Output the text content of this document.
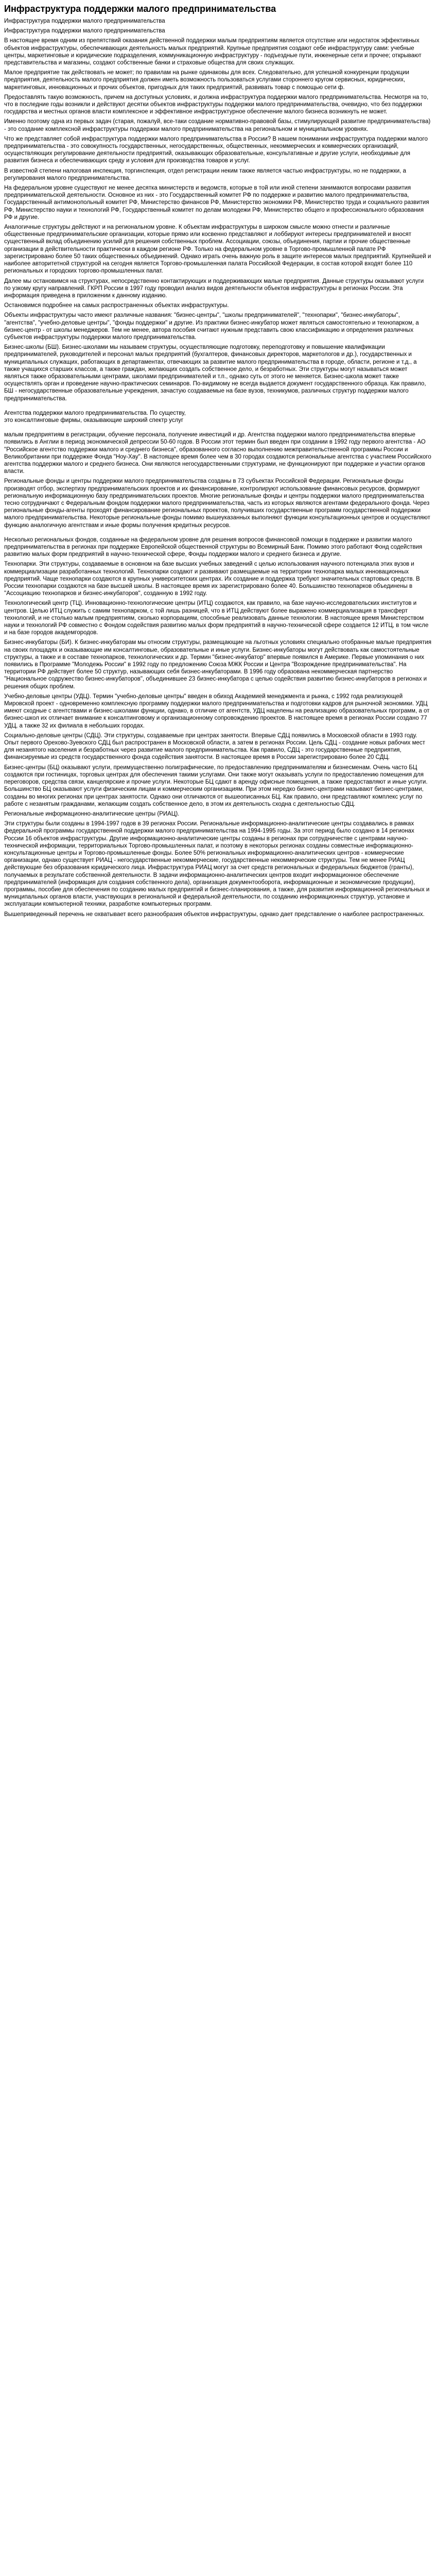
Инфраструктура поддержки малого предпринимательства
Инфраструктура поддержки малого предпринимательства
Инфраструктура поддержки малого предпринимательства
В настоящее время одним из препятствий оказания действенной поддержки малым предприятиям является отсутствие или недостаток эффективных объектов инфраструктуры, обеспечивающих деятельность малых предприятий. Крупные предприятия создают себе инфраструктуру сами: учебные центры, маркетинговые и юридические подразделения, коммуникационную инфраструктуру - подъездные пути, инженерные сети и прочее; открывают представительства и магазины, создают собственные банки и страховые общества для своих служащих.
Малое предприятие так действовать не может; по правилам на рынке одинаковы для всех. Следовательно, для успешной конкуренции продукции предприятия, деятельность малого предприятия должен иметь возможность пользоваться услугами стороннего кругом сервисных, юридических, маркетинговых, инновационных и прочих объектов, пригодных для таких предприятий, развивать товар с помощью сети ф.
Предоставлять такую возможность, причем на доступных условиях, и должна инфраструктура поддержки малого предпринимательства. Несмотря на то, что в последние годы возникли и действуют десятки объектов инфраструктуры поддержки малого предпринимательства, очевидно, что без поддержки государства и местных органов власти комплексное и эффективное инфраструктурное обеспечение малого бизнеса возникнуть не может.
Именно поэтому одна из первых задач (старая, пожалуй, все-таки создание нормативно-правовой базы, стимулирующей развитие предпринимательства) - это создание комплексной инфраструктуры поддержки малого предпринимательства на региональном и муниципальном уровнях.
Что же представляет собой инфраструктура поддержки малого предпринимательства в России? В нашем понимании инфраструктура поддержки малого предпринимательства - это совокупность государственных, негосударственных, общественных, некоммерческих и коммерческих организаций, осуществляющих регулирование деятельности предприятий, оказывающих образовательные, консультативные и другие услуги, необходимые для развития бизнеса и обеспечивающих среду и условия для производства товаров и услуг.
В известной степени налоговая инспекция, торгинспекция, отдел регистрации неким также является частью инфраструктуры, но не поддержки, а регулирования малого предпринимательства.
На федеральном уровне существуют не менее десятка министерств и ведомств, которые в той или иной степени занимаются вопросами развития предпринимательской деятельности. Основное из них - это Государственный комитет РФ по поддержке и развитию малого предпринимательства, Государственный антимонопольный комитет РФ, Министерство финансов РФ, Министерство экономики РФ, Министерство труда и социального развития РФ, Министерство науки и технологий РФ, Государственный комитет по делам молодежи РФ, Министерство общего и профессионального образования РФ и другие.
Аналогичные структуры действуют и на региональном уровне. К объектам инфраструктуры в широком смысле можно отнести и различные общественные предпринимательские организации, которые прямо или косвенно представляют и лоббируют интересы предпринимателей и вносят существенный вклад объединению усилий для решения собственных проблем. Ассоциации, союзы, объединения, партии и прочие общественные организации в действительности практически в каждом регионе РФ. Только на федеральном уровне в Торгово-промышленной палате РФ зарегистрировано более 50 таких общественных объединений. Однако играть очень важную роль в защите интересов малых предприятий. Крупнейшей и наиболее авторитетной структурой на сегодня является Торгово-промышленная палата Российской Федерации, в состав которой входят более 110 региональных и городских торгово-промышленных палат.
Далее мы остановимся на структурах, непосредственно контактирующих и поддерживающих малые предприятия. Данные структуры оказывают услуги по узкому кругу направлений. ГКРП России в 1997 году проводил анализ видов деятельности объектов инфраструктуры в регионах России. Эта информация приведена в приложении к данному изданию.
Остановимся подробнее на самых распространенных объектах инфраструктуры.
Объекты инфраструктуры часто имеют различные названия: "бизнес-центры", "школы предпринимателей", "технопарки", "бизнес-инкубаторы", "агентства", "учебно-деловые центры", "фонды поддержки" и другие. Из практики бизнес-инкубатор может являться самостоятельно и технопарком, а бизнес-центр - от школы менеджеров. Тем не менее, автора пособия считают нужным представить свою классификацию и определения различных субъектов инфраструктуры поддержки малого предпринимательства.
Бизнес-школы (БШ). Бизнес-школами мы называем структуры, осуществляющие подготовку, переподготовку и повышение квалификации предпринимателей, руководителей и персонал малых предприятий (бухгалтеров, финансовых директоров, маркетологов и др.), государственных и муниципальных служащих, работающих в департаментах, отвечающих за развитие малого предпринимательства в городе, области, регионе и т.д., а также учащихся старших классов, а также граждан, желающих создать собственное дело, и безработных. Эти структуры могут называться может являться также образовательными центрами, школами предпринимателей и т.п., однако суть от этого не меняется. Бизнес-школа может также осуществлять орган и проведение научно-практических семинаров. По-видимому не всегда выдается документ государственного образца. Как правило, БШ - негосударственные образовательные учреждения, зачастую создаваемые на базе вузов, техникумов, различных структур поддержки малого предпринимательства.
Агентства поддержки малого предпринимательства. По существу,
это консалтинговые фирмы, оказывающие широкий спектр услуг
малым предприятиям в регистрации, обучение персонала, получение инвестиций и др. Агентства поддержки малого предпринимательства впервые появились в Англии в период экономической депрессии 50-60 годов. В России этот термин был введен при создании в 1992 году первого агентства - АО "Российское агентство поддержки малого и среднего бизнеса", образованного согласно выполнению межправительственной программы России и Великобритании при поддержке Фонда "Ноу-Хау". В настоящее время более чем в 30 городах создаются региональные агентства с участием Российского агентства поддержки малого и среднего бизнеса. Они являются негосударственными структурами, не функционируют при поддержке и участии органов власти.
Региональные фонды и центры поддержки малого предпринимательства созданы в 73 субъектах Российской Федерации. Региональные фонды производят отбор, экспертизу предпринимательских проектов и их финансирование, контролируют использование финансовых ресурсов, формируют региональную информационную базу предпринимательских проектов. Многие региональные фонды и центры поддержки малого предпринимательства тесно сотрудничают с Федеральным фондом поддержки малого предпринимательства, часть из которых являются агентами федерального фонда. Через региональные фонды-агенты проходят финансирование региональных проектов, получивших государственные программ государственной поддержки малого предпринимательства. Некоторые региональные фонды помимо вышеуказанных выполняют функции консультационных центров и осуществляют функцию аналогичную агентствам и иные формы получения кредитных ресурсов.
Несколько региональных фондов, созданные на федеральном уровне для решения вопросов финансовой помощи в поддержке и развитии малого предпринимательства в регионах при поддержке Европейской общественной структуры во Всемирный Банк. Помимо этого работают Фонд содействия развитию малых форм предприятий в научно-технической сфере, Фонды поддержки малого и среднего бизнеса и другие.
Технопарки. Эти структуры, создаваемые в основном на базе высших учебных заведений с целью использования научного потенциала этих вузов и коммерциализации разработанных технологий. Технопарки создают и развивают размещаемые на территории технопарка малых инновационных предприятий. Чаще технопарки создаются в крупных университетских центрах. Их создание и поддержка требуют значительных стартовых средств. В России технопарки создаются на базе высшей школы. В настоящее время их зарегистрировано более 40. Большинство технопарков объединены в "Ассоциацию технопарков и бизнес-инкубаторов", созданную в 1992 году.
Технологический центр (ТЦ). Инновационно-технологические центры (ИТЦ) создаются, как правило, на базе научно-исследовательских институтов и центров. Целью ИТЦ служить с самим технопарком, с той лишь разницей, что в ИТЦ действуют более выражено коммерциализация в трансферт технологий, и не столько малым предприятиям, сколько корпорациям, способные реализовать данные технологии. В настоящее время Министерством науки и технологий РФ совместно с Фондом содействия развитию малых форм предприятий в научно-технической сфере создается 12 ИТЦ, в том числе и на базе городов академгородов.
Бизнес-инкубаторы (БИ). К бизнес-инкубаторам мы относим структуры, размещающие на льготных условиях специально отобранные малые предприятия на своих площадях и оказывающие им консалтинговые, образовательные и иные услуги. Бизнес-инкубаторы могут действовать как самостоятельные структуры, а также и в составе технопарков, технологических и др. Термин "бизнес-инкубатор" впервые появился в Америке. Первые упоминания о них появились в Программе "Молодежь России" в 1992 году по предложению Союза МЖК России и Центра "Возрождение предпринимательства". На территории РФ действует более 50 структур, называющих себя бизнес-инкубаторами. В 1996 году образована некоммерческая партнерство "Национальное содружество бизнес-инкубаторов", объединившее 23 бизнес-инкубатора с целью содействия развитию бизнес-инкубаторов в регионах и решения общих проблем.
Учебно-деловые центры (УДЦ). Термин "учебно-деловые центры" введен в обиход Академией менеджмента и рынка, с 1992 года реализующей Мировской проект - одновременно комплексную программу поддержки малого предпринимательства и подготовки кадров для рыночной экономики. УДЦ имеют сходные с агентствами и бизнес-школами функции, однако, в отличие от агентств, УДЦ нацелены на реализацию образовательных программ, а от бизнес-школ их отличает внимание к консалтинговому и организационному сопровождению проектов. В настоящее время в регионах России создано 77 УДЦ, а также 32 их филиала в небольших городах.
Социально-деловые центры (СДЦ). Эти структуры, создаваемые при центрах занятости. Впервые СДЦ появились в Московской области в 1993 году. Опыт первого Орехово-Зуевского СДЦ был распространен в Московской области, а затем в регионах России. Цель СДЦ - создание новых рабочих мест для незанятого населения и безработных через развитие малого предпринимательства. Как правило, СДЦ - это государственные предприятия, финансируемые из средств государственного фонда содействия занятости. В настоящее время в России зарегистрировано более 20 СДЦ.
Бизнес-центры (БЦ) оказывают услуги, преимущественно полиграфические, по предоставлению предпринимателям и бизнесменам. Очень часто БЦ создаются при гостиницах, торговых центрах для обеспечения такими услугами. Они также могут оказывать услуги по предоставлению помещения для переговоров, средства связи, канцелярские и прочие услуги. Некоторые БЦ сдают в аренду офисные помещения, а также предоставляют и иные услуги. Большинство БЦ оказывают услуги физическим лицам и коммерческим организациям. При этом нередко бизнес-центрами называют бизнес-центрами, созданы во многих регионах при центрах занятости. Однако они отличаются от вышеописанных БЦ. Как правило, они представляют комплекс услуг по работе с незанятым гражданами, желающим создать собственное дело, в этом их деятельность сходна с деятельностью СДЦ.
Региональные информационно-аналитические центры (РИАЦ).
Эти структуры были созданы в 1994-1997 годов в 39 регионах России. Региональные информационно-аналитические центры создавались в рамках федеральной программы государственной поддержки малого предпринимательства на 1994-1995 годы. За этот период было создано в 14 регионах России 16 объектов инфраструктуры. Другие информационно-аналитические центры созданы в регионах при сотрудничестве с центрами научно-технической информации, территориальных Торгово-промышленных палат, и поэтому в некоторых регионах созданы совместные информационно-консультационные центры и Торгово-промышленные фонды. Более 50% региональных информационно-аналитических центров - коммерческие организации, однако существует РИАЦ - негосударственные некоммерческие, государственные некоммерческие структуры. Тем не менее РИАЦ действующие без образования юридического лица. Инфраструктура РИАЦ могут за счет средств региональных и федеральных бюджетов (гранты), получаемых в результате собственной деятельности. В задачи информационно-аналитических центров входит информационное обеспечение предпринимателей (информация для создания собственного дела), организация документооборота, информационные и экономические продукции), программы, пособие для обеспечения по созданию малых предприятий и бизнес-планирования, а также, для развития информационной региональных и муниципальных органов власти, участвующих в региональной и федеральной деятельности, по созданию информационных структур, установке и эксплуатации компьютерной техники, разработке компьютерных программ.
Вышеприведенный перечень не охватывает всего разнообразия объектов инфраструктуры, однако дает представление о наиболее распространенных.
